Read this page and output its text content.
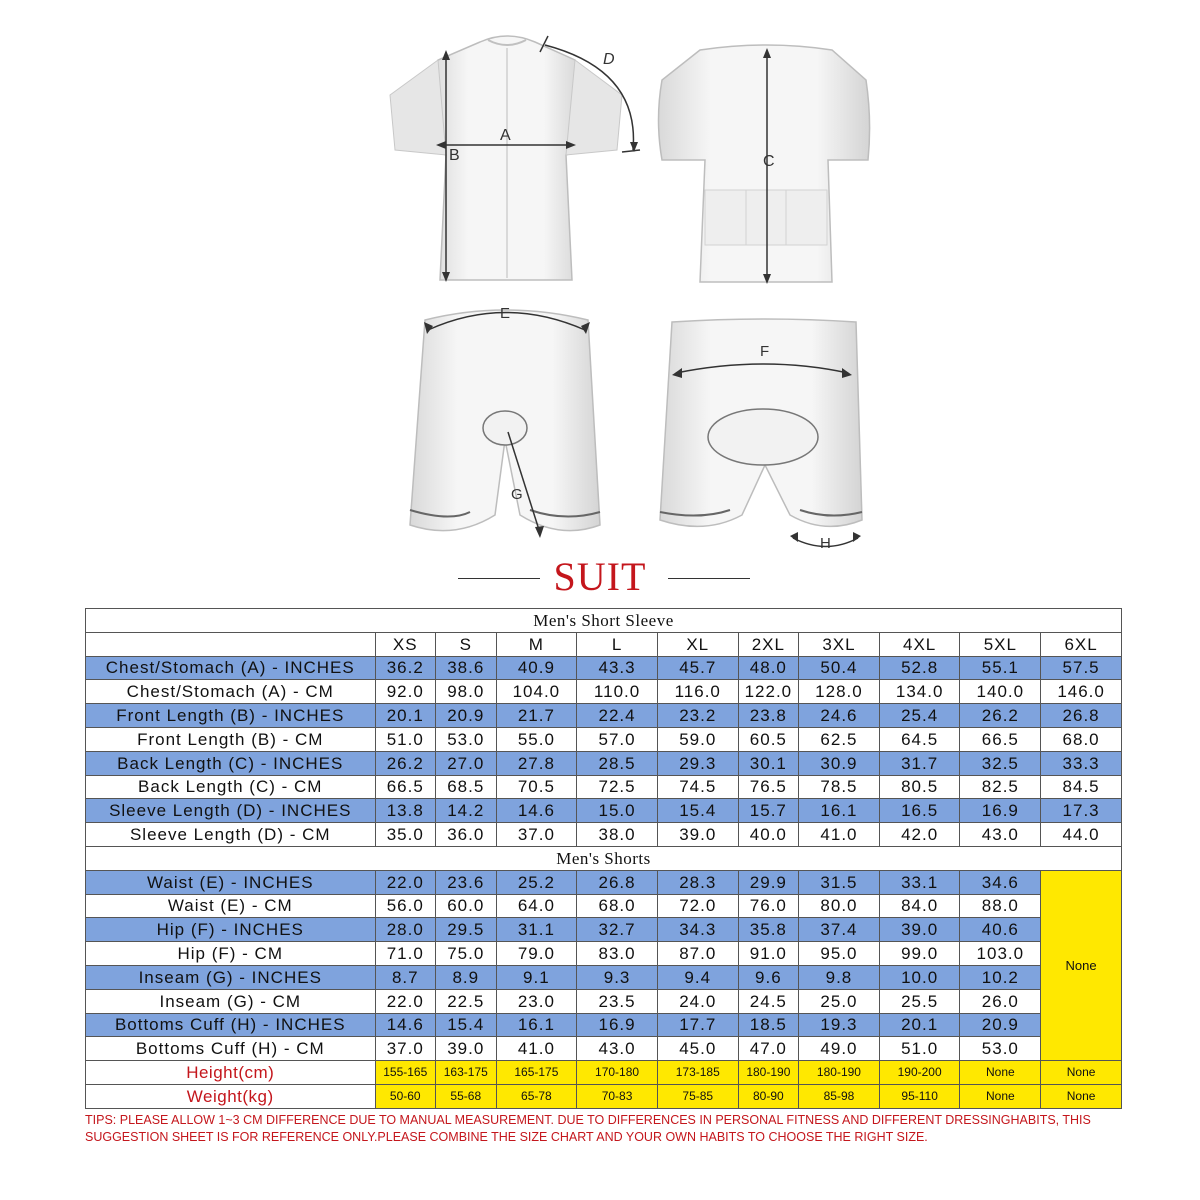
A
B
D
C
E
G
F
H
SUIT
Men's Short Sleeve										
	XS	S	M	L	XL	2XL	3XL	4XL	5XL	6XL
Chest/Stomach (A) - INCHES	36.2	38.6	40.9	43.3	45.7	48.0	50.4	52.8	55.1	57.5
Chest/Stomach (A) - CM	92.0	98.0	104.0	110.0	116.0	122.0	128.0	134.0	140.0	146.0
Front Length (B) - INCHES	20.1	20.9	21.7	22.4	23.2	23.8	24.6	25.4	26.2	26.8
Front Length (B) - CM	51.0	53.0	55.0	57.0	59.0	60.5	62.5	64.5	66.5	68.0
Back Length (C) - INCHES	26.2	27.0	27.8	28.5	29.3	30.1	30.9	31.7	32.5	33.3
Back Length (C) - CM	66.5	68.5	70.5	72.5	74.5	76.5	78.5	80.5	82.5	84.5
Sleeve Length (D) - INCHES	13.8	14.2	14.6	15.0	15.4	15.7	16.1	16.5	16.9	17.3
Sleeve Length (D) - CM	35.0	36.0	37.0	38.0	39.0	40.0	41.0	42.0	43.0	44.0
Men's Shorts										
Waist (E) - INCHES	22.0	23.6	25.2	26.8	28.3	29.9	31.5	33.1	34.6	None
Waist (E) - CM	56.0	60.0	64.0	68.0	72.0	76.0	80.0	84.0	88.0	
Hip (F) - INCHES	28.0	29.5	31.1	32.7	34.3	35.8	37.4	39.0	40.6	
Hip (F) - CM	71.0	75.0	79.0	83.0	87.0	91.0	95.0	99.0	103.0	
Inseam (G) - INCHES	8.7	8.9	9.1	9.3	9.4	9.6	9.8	10.0	10.2	
Inseam (G) - CM	22.0	22.5	23.0	23.5	24.0	24.5	25.0	25.5	26.0	
Bottoms Cuff (H) - INCHES	14.6	15.4	16.1	16.9	17.7	18.5	19.3	20.1	20.9	
Bottoms Cuff (H) - CM	37.0	39.0	41.0	43.0	45.0	47.0	49.0	51.0	53.0	
Height(cm)	155-165	163-175	165-175	170-180	173-185	180-190	180-190	190-200	None	None
Weight(kg)	50-60	55-68	65-78	70-83	75-85	80-90	85-98	95-110	None	None
TIPS: PLEASE ALLOW 1~3 CM DIFFERENCE DUE TO MANUAL MEASUREMENT. DUE TO DIFFERENCES IN PERSONAL FITNESS AND DIFFERENT DRESSINGHABITS, THIS SUGGESTION SHEET IS FOR REFERENCE ONLY.PLEASE COMBINE THE SIZE CHART AND YOUR OWN HABITS TO CHOOSE THE RIGHT SIZE.
